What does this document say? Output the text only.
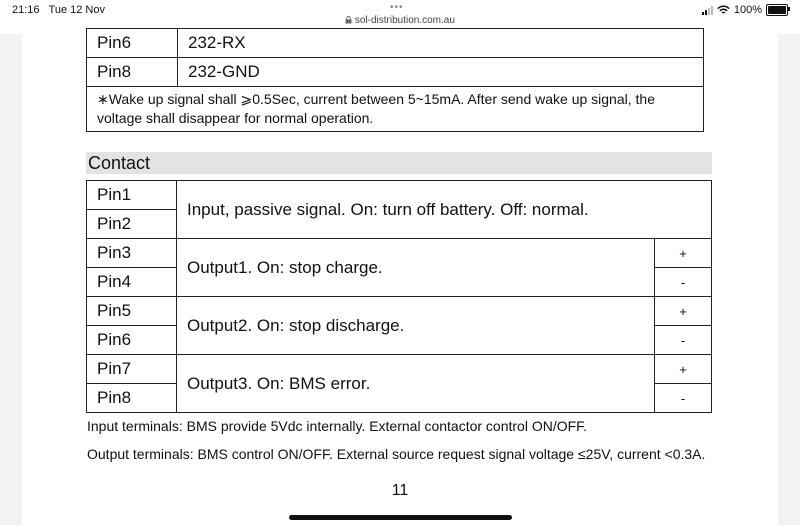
21:16 Tue 12 Nov	•••
sol-distribution.com.au
100%
Pin6	232-RX
Pin8	232-GND
∗Wake up signal shall ⩾0.5Sec, current between 5~15mA. After send wake up signal, the voltage shall disappear for normal operation.	
Contact
Pin1	Input, passive signal. On: turn off battery. Off: normal.	
Pin2		
Pin3	Output1. On: stop charge.	+
Pin4		-
Pin5	Output2. On: stop discharge.	+
Pin6		-
Pin7	Output3. On: BMS error.	+
Pin8		-
Input terminals: BMS provide 5Vdc internally. External contactor control ON/OFF.
Output terminals: BMS control ON/OFF. External source request signal voltage ≤25V, current <0.3A.
11
